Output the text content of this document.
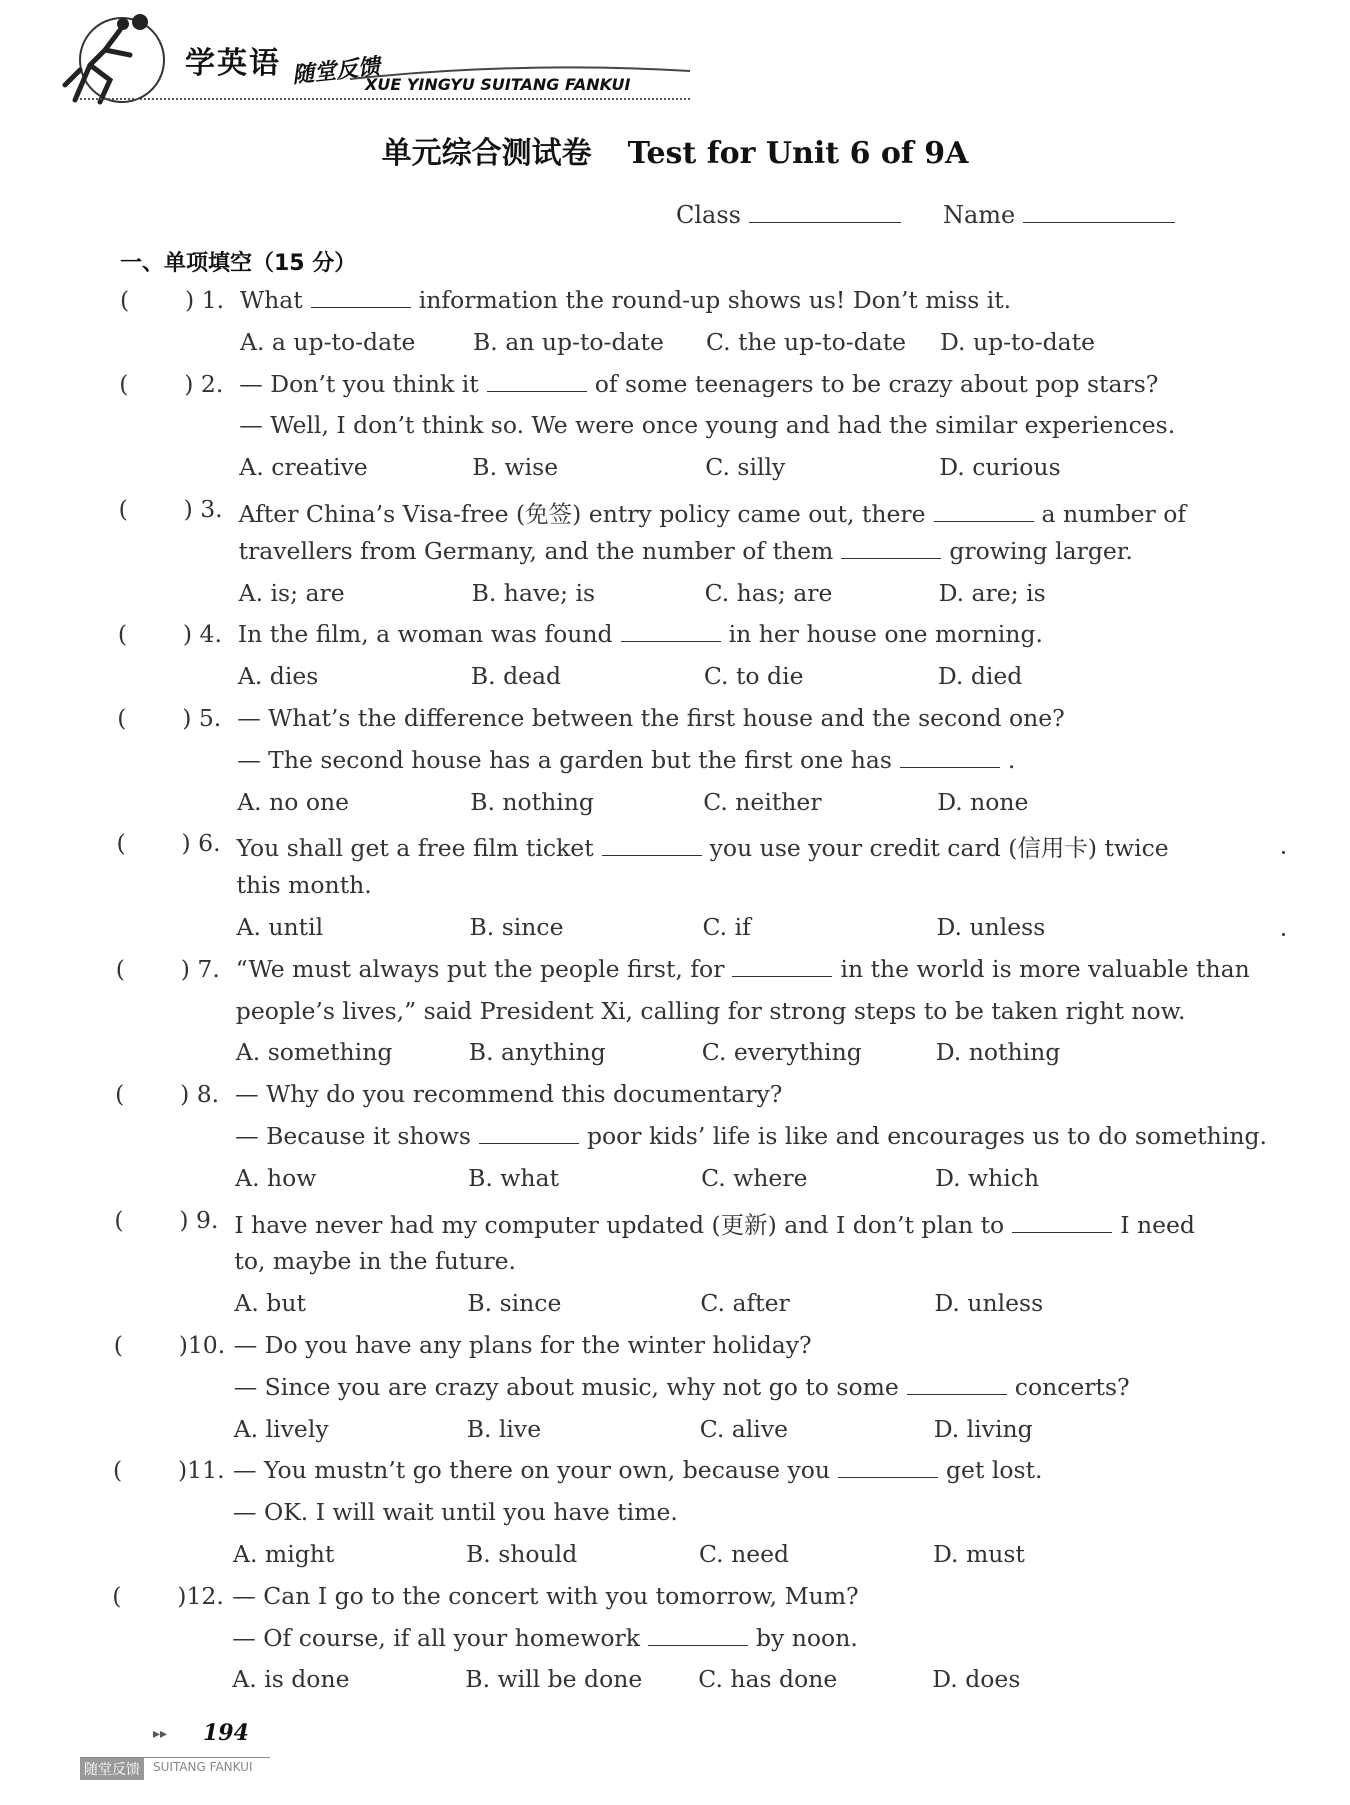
学英语 随堂反馈
XUE YINGYU SUITANG FANKUI
单元综合测试卷 Test for Unit 6 of 9A
Class	Name
一、单项填空（15 分）
( ) 1. What	information the round-up shows us! Don’t miss it.
A. a up-to-date B. an up-to-date C. the up-to-date D. up-to-date
( ) 2. — Don’t you think it	of some teenagers to be crazy about pop stars?
— Well, I don’t think so. We were once young and had the similar experiences.
A. creative	B. wise	C. silly	D. curious
( ) 3. After China’s Visa-free (免签) entry policy came out, there	a number of
travellers from Germany, and the number of them	growing larger.
A. is; are	B. have; is	C. has; are	D. are; is
( ) 4. In the film, a woman was found	in her house one morning.
A. dies	B. dead	C. to die	D. died
( ) 5. — What’s the difference between the first house and the second one?
— The second house has a garden but the first one has	.
A. no one	B. nothing	C. neither	D. none
( ) 6. You shall get a free film ticket	you use your credit card (信用卡) twice
this month.
A. until	B. since	C. if	D. unless
( ) 7. “We must always put the people first, for	in the world is more valuable than
people’s lives,” said President Xi, calling for strong steps to be taken right now.
A. something	B. anything	C. everything	D. nothing
( ) 8. — Why do you recommend this documentary?
— Because it shows	poor kids’ life is like and encourages us to do something.
A. how	B. what	C. where	D. which
( ) 9. I have never had my computer updated (更新) and I don’t plan to	I need
to, maybe in the future.
A. but	B. since	C. after	D. unless
( )10. — Do you have any plans for the winter holiday?
— Since you are crazy about music, why not go to some	concerts?
A. lively	B. live	C. alive	D. living
( )11. — You mustn’t go there on your own, because you	get lost.
— OK. I will wait until you have time.
A. might	B. should	C. need	D. must
( )12. — Can I go to the concert with you tomorrow, Mum?
— Of course, if all your homework	by noon.
A. is done	B. will be done C. has done	D. does
▸▸ 194
随堂反馈	SUITANG FANKUI
